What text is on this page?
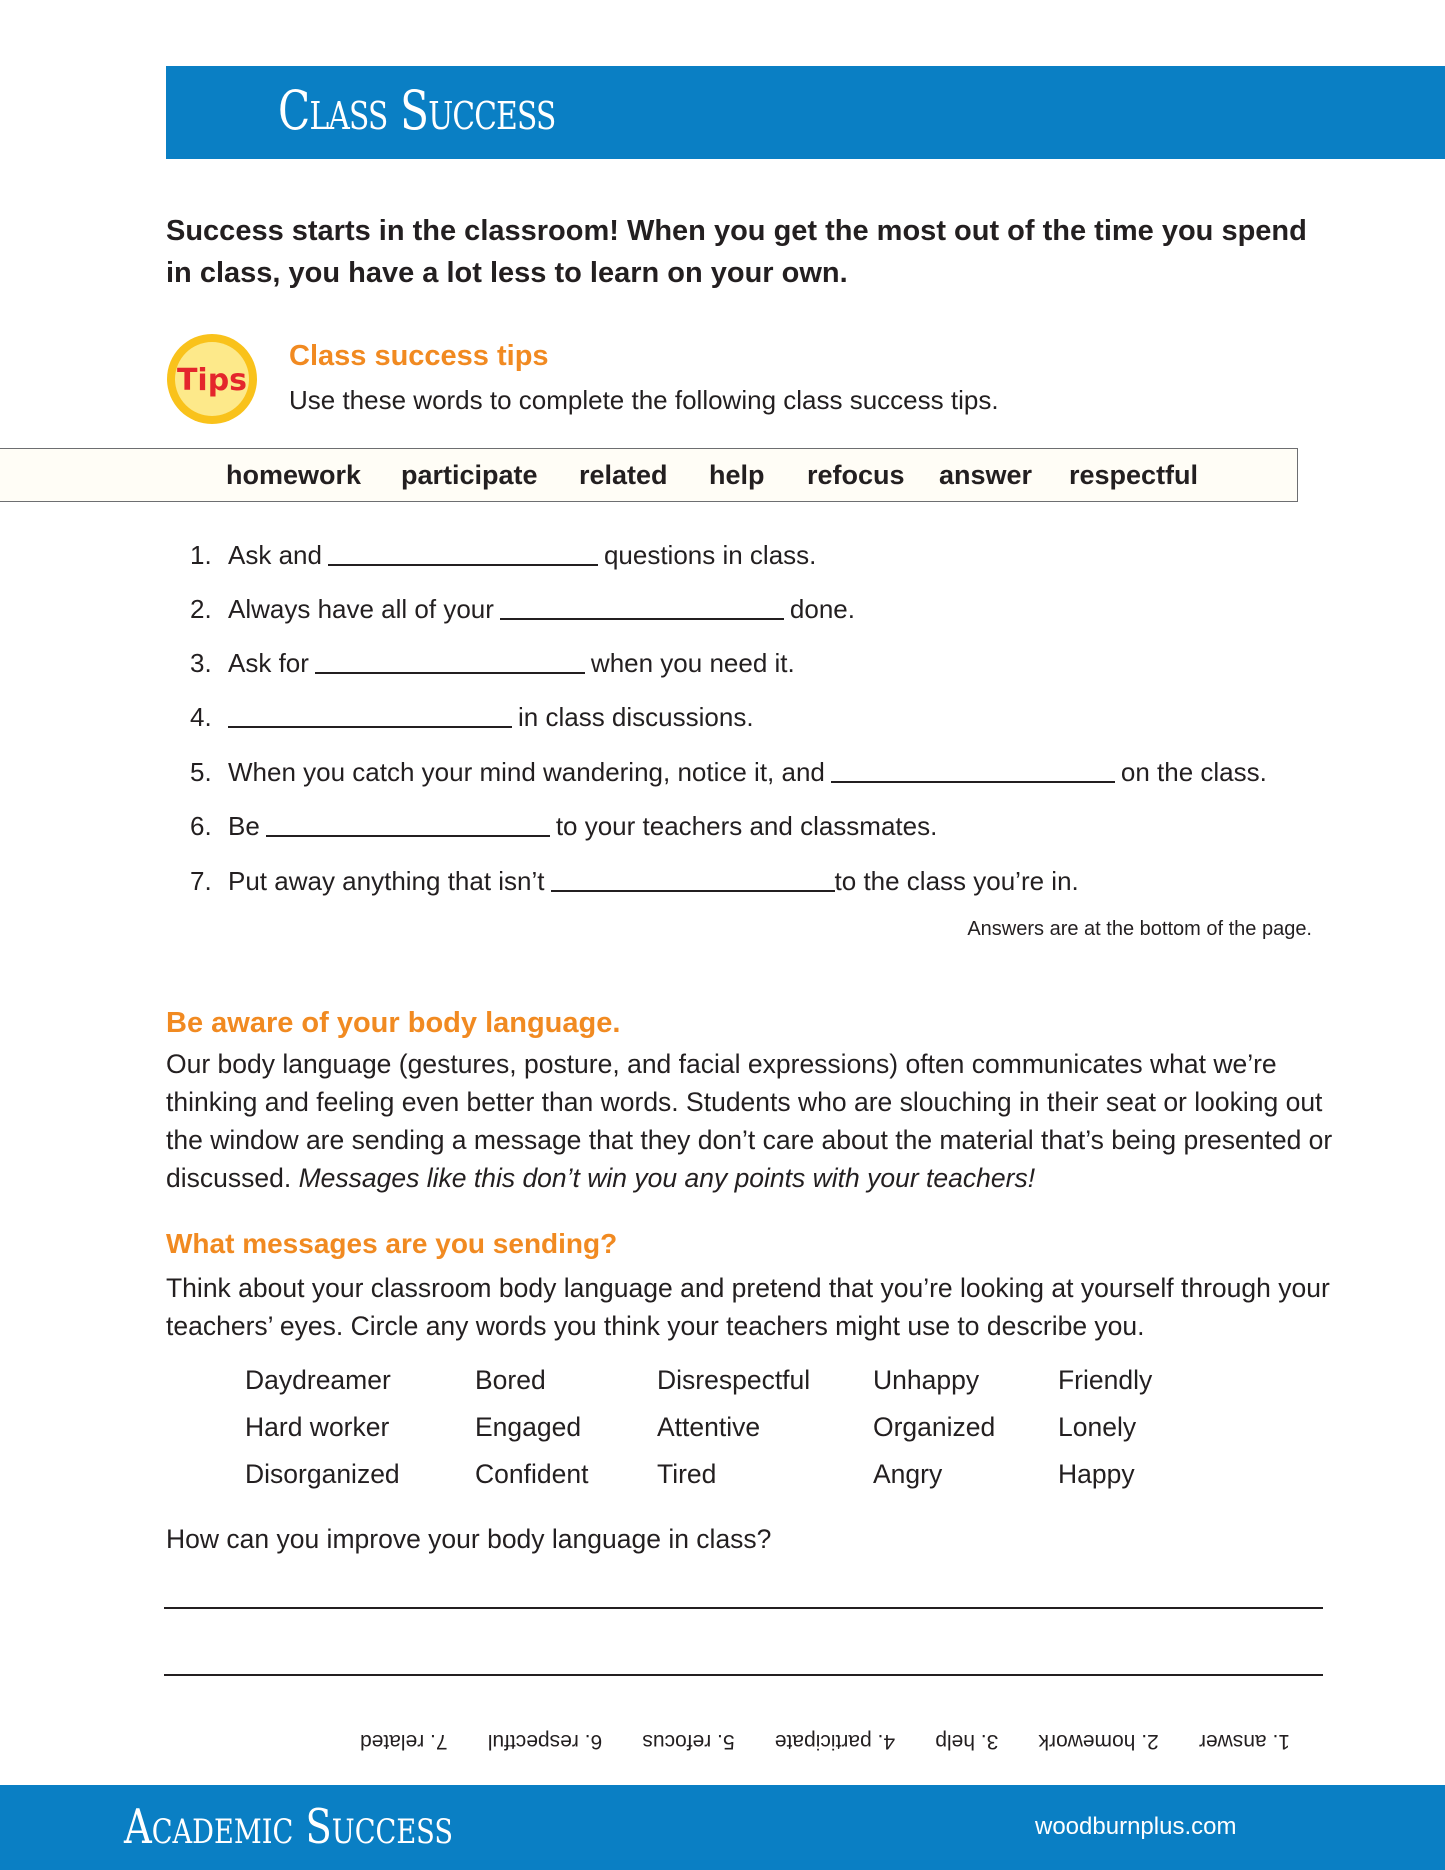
Class Success

Success starts in the classroom! When you get the most out of the time you spend in class, you have a lot less to learn on your own.

Tips
Class success tips

Use these words to complete the following class success tips.

homework participate related help refocus answer respectful
1. Ask and	questions in class.
2. Always have all of your	done.
3. Ask for	when you need it.
4.	in class discussions.
5. When you catch your mind wandering, notice it, and	on the class.
6. Be	to your teachers and classmates.
7. Put away anything that isn’t	to the class you’re in.

Answers are at the bottom of the page.

Be aware of your body language.

Our body language (gestures, posture, and facial expressions) often communicates what we’re thinking and feeling even better than words. Students who are slouching in their seat or looking out the window are sending a message that they don’t care about the material that’s being presented or discussed. Messages like this don’t win you any points with your teachers!

What messages are you sending?

Think about your classroom body language and pretend that you’re looking at yourself through your teachers’ eyes. Circle any words you think your teachers might use to describe you.

Daydreamer	Bored	Disrespectful Unhappy	Friendly
Hard worker	Engaged	Attentive	Organized Lonely
Disorganized	Confident	Tired	Angry	Happy

How can you improve your body language in class?

1. answer
2. homework
3. help
4. participate
5. refocus
6. respectful
7. related
Academic Success	woodburnplus.com
